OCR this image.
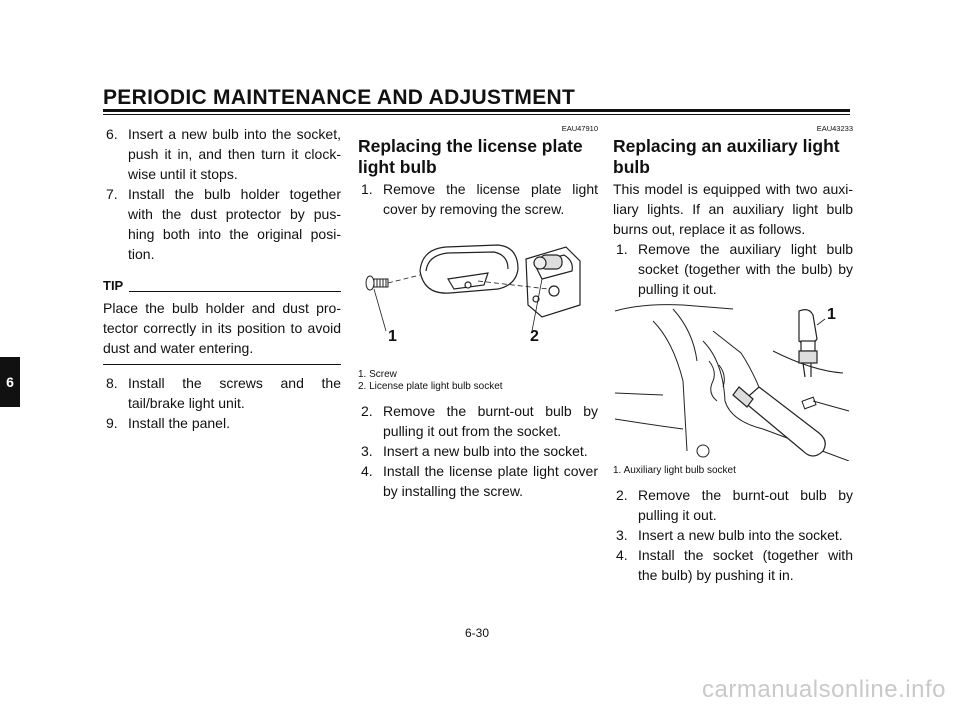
PERIODIC MAINTENANCE AND ADJUSTMENT
6
6. Insert a new bulb into the socket, push it in, and then turn it clock-wise until it stops.
7. Install the bulb holder together with the dust protector by pus-hing both into the original posi-tion.
TIP
Place the bulb holder and dust pro-tector correctly in its position to avoid dust and water entering.
8. Install the screws and the tail/brake light unit.
9. Install the panel.
EAU47910
Replacing the license plate light bulb
1. Remove the license plate light cover by removing the screw.
1	2
1. Screw
2. License plate light bulb socket
2. Remove the burnt-out bulb by pulling it out from the socket.
3. Insert a new bulb into the socket.
4. Install the license plate light cover by installing the screw.
EAU43233
Replacing an auxiliary light bulb
This model is equipped with two auxi-liary lights. If an auxiliary light bulb burns out, replace it as follows.
1. Remove the auxiliary light bulb socket (together with the bulb) by pulling it out.
1
1. Auxiliary light bulb socket
2. Remove the burnt-out bulb by pulling it out.
3. Insert a new bulb into the socket.
4. Install the socket (together with the bulb) by pushing it in.
6-30
carmanualsonline.info
